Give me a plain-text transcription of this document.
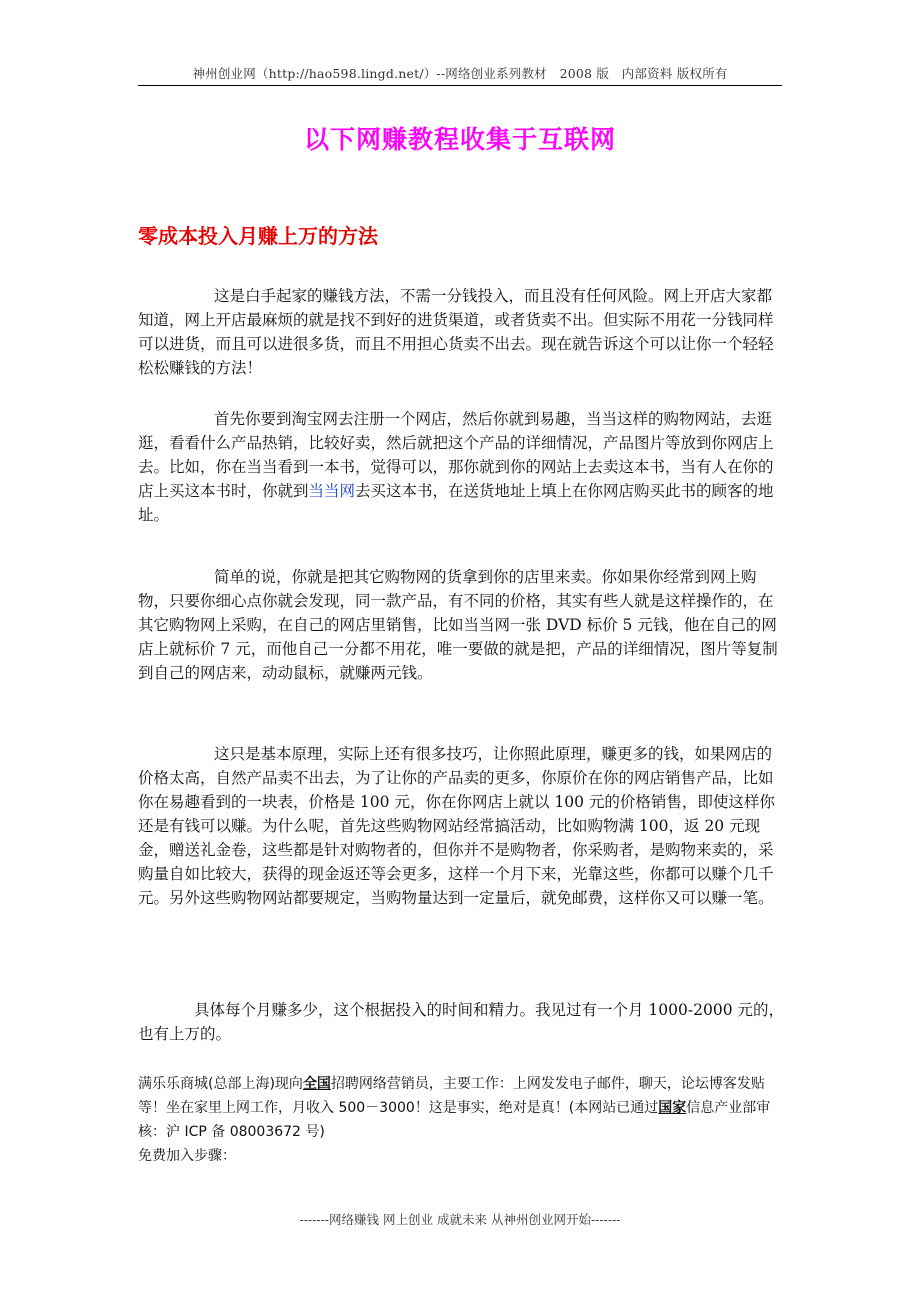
神州创业网（http://hao598.lingd.net/）--网络创业系列教材　2008 版　内部资料 版权所有
以下网赚教程收集于互联网
零成本投入月赚上万的方法

这是白手起家的赚钱方法，不需一分钱投入，而且没有任何风险。网上开店大家都知道，网上开店最麻烦的就是找不到好的进货渠道，或者货卖不出。但实际不用花一分钱同样可以进货，而且可以进很多货，而且不用担心货卖不出去。现在就告诉这个可以让你一个轻轻松松赚钱的方法！

首先你要到淘宝网去注册一个网店，然后你就到易趣，当当这样的购物网站，去逛逛，看看什么产品热销，比较好卖，然后就把这个产品的详细情况，产品图片等放到你网店上去。比如，你在当当看到一本书，觉得可以，那你就到你的网站上去卖这本书，当有人在你的店上买这本书时，你就到当当网去买这本书，在送货地址上填上在你网店购买此书的顾客的地址。

简单的说，你就是把其它购物网的货拿到你的店里来卖。你如果你经常到网上购物，只要你细心点你就会发现，同一款产品，有不同的价格，其实有些人就是这样操作的，在其它购物网上采购，在自己的网店里销售，比如当当网一张 DVD 标价 5 元钱，他在自己的网店上就标价 7 元，而他自己一分都不用花，唯一要做的就是把，产品的详细情况，图片等复制到自己的网店来，动动鼠标，就赚两元钱。

这只是基本原理，实际上还有很多技巧，让你照此原理，赚更多的钱，如果网店的价格太高，自然产品卖不出去，为了让你的产品卖的更多，你原价在你的网店销售产品，比如你在易趣看到的一块表，价格是 100 元，你在你网店上就以 100 元的价格销售，即使这样你还是有钱可以赚。为什么呢，首先这些购物网站经常搞活动，比如购物满 100，返 20 元现金，赠送礼金卷，这些都是针对购物者的，但你并不是购物者，你采购者，是购物来卖的，采购量自如比较大，获得的现金返还等会更多，这样一个月下来，光靠这些，你都可以赚个几千元。另外这些购物网站都要规定，当购物量达到一定量后，就免邮费，这样你又可以赚一笔。

具体每个月赚多少，这个根据投入的时间和精力。我见过有一个月 1000-2000 元的，也有上万的。

满乐乐商城(总部上海)现向全国招聘网络营销员，主要工作：上网发发电子邮件，聊天，论坛博客发贴等！坐在家里上网工作，月收入 500－3000！这是事实，绝对是真！(本网站已通过国家信息产业部审核：沪 ICP 备 08003672 号)

免费加入步骤：

-------网络赚钱 网上创业 成就未来 从神州创业网开始-------
